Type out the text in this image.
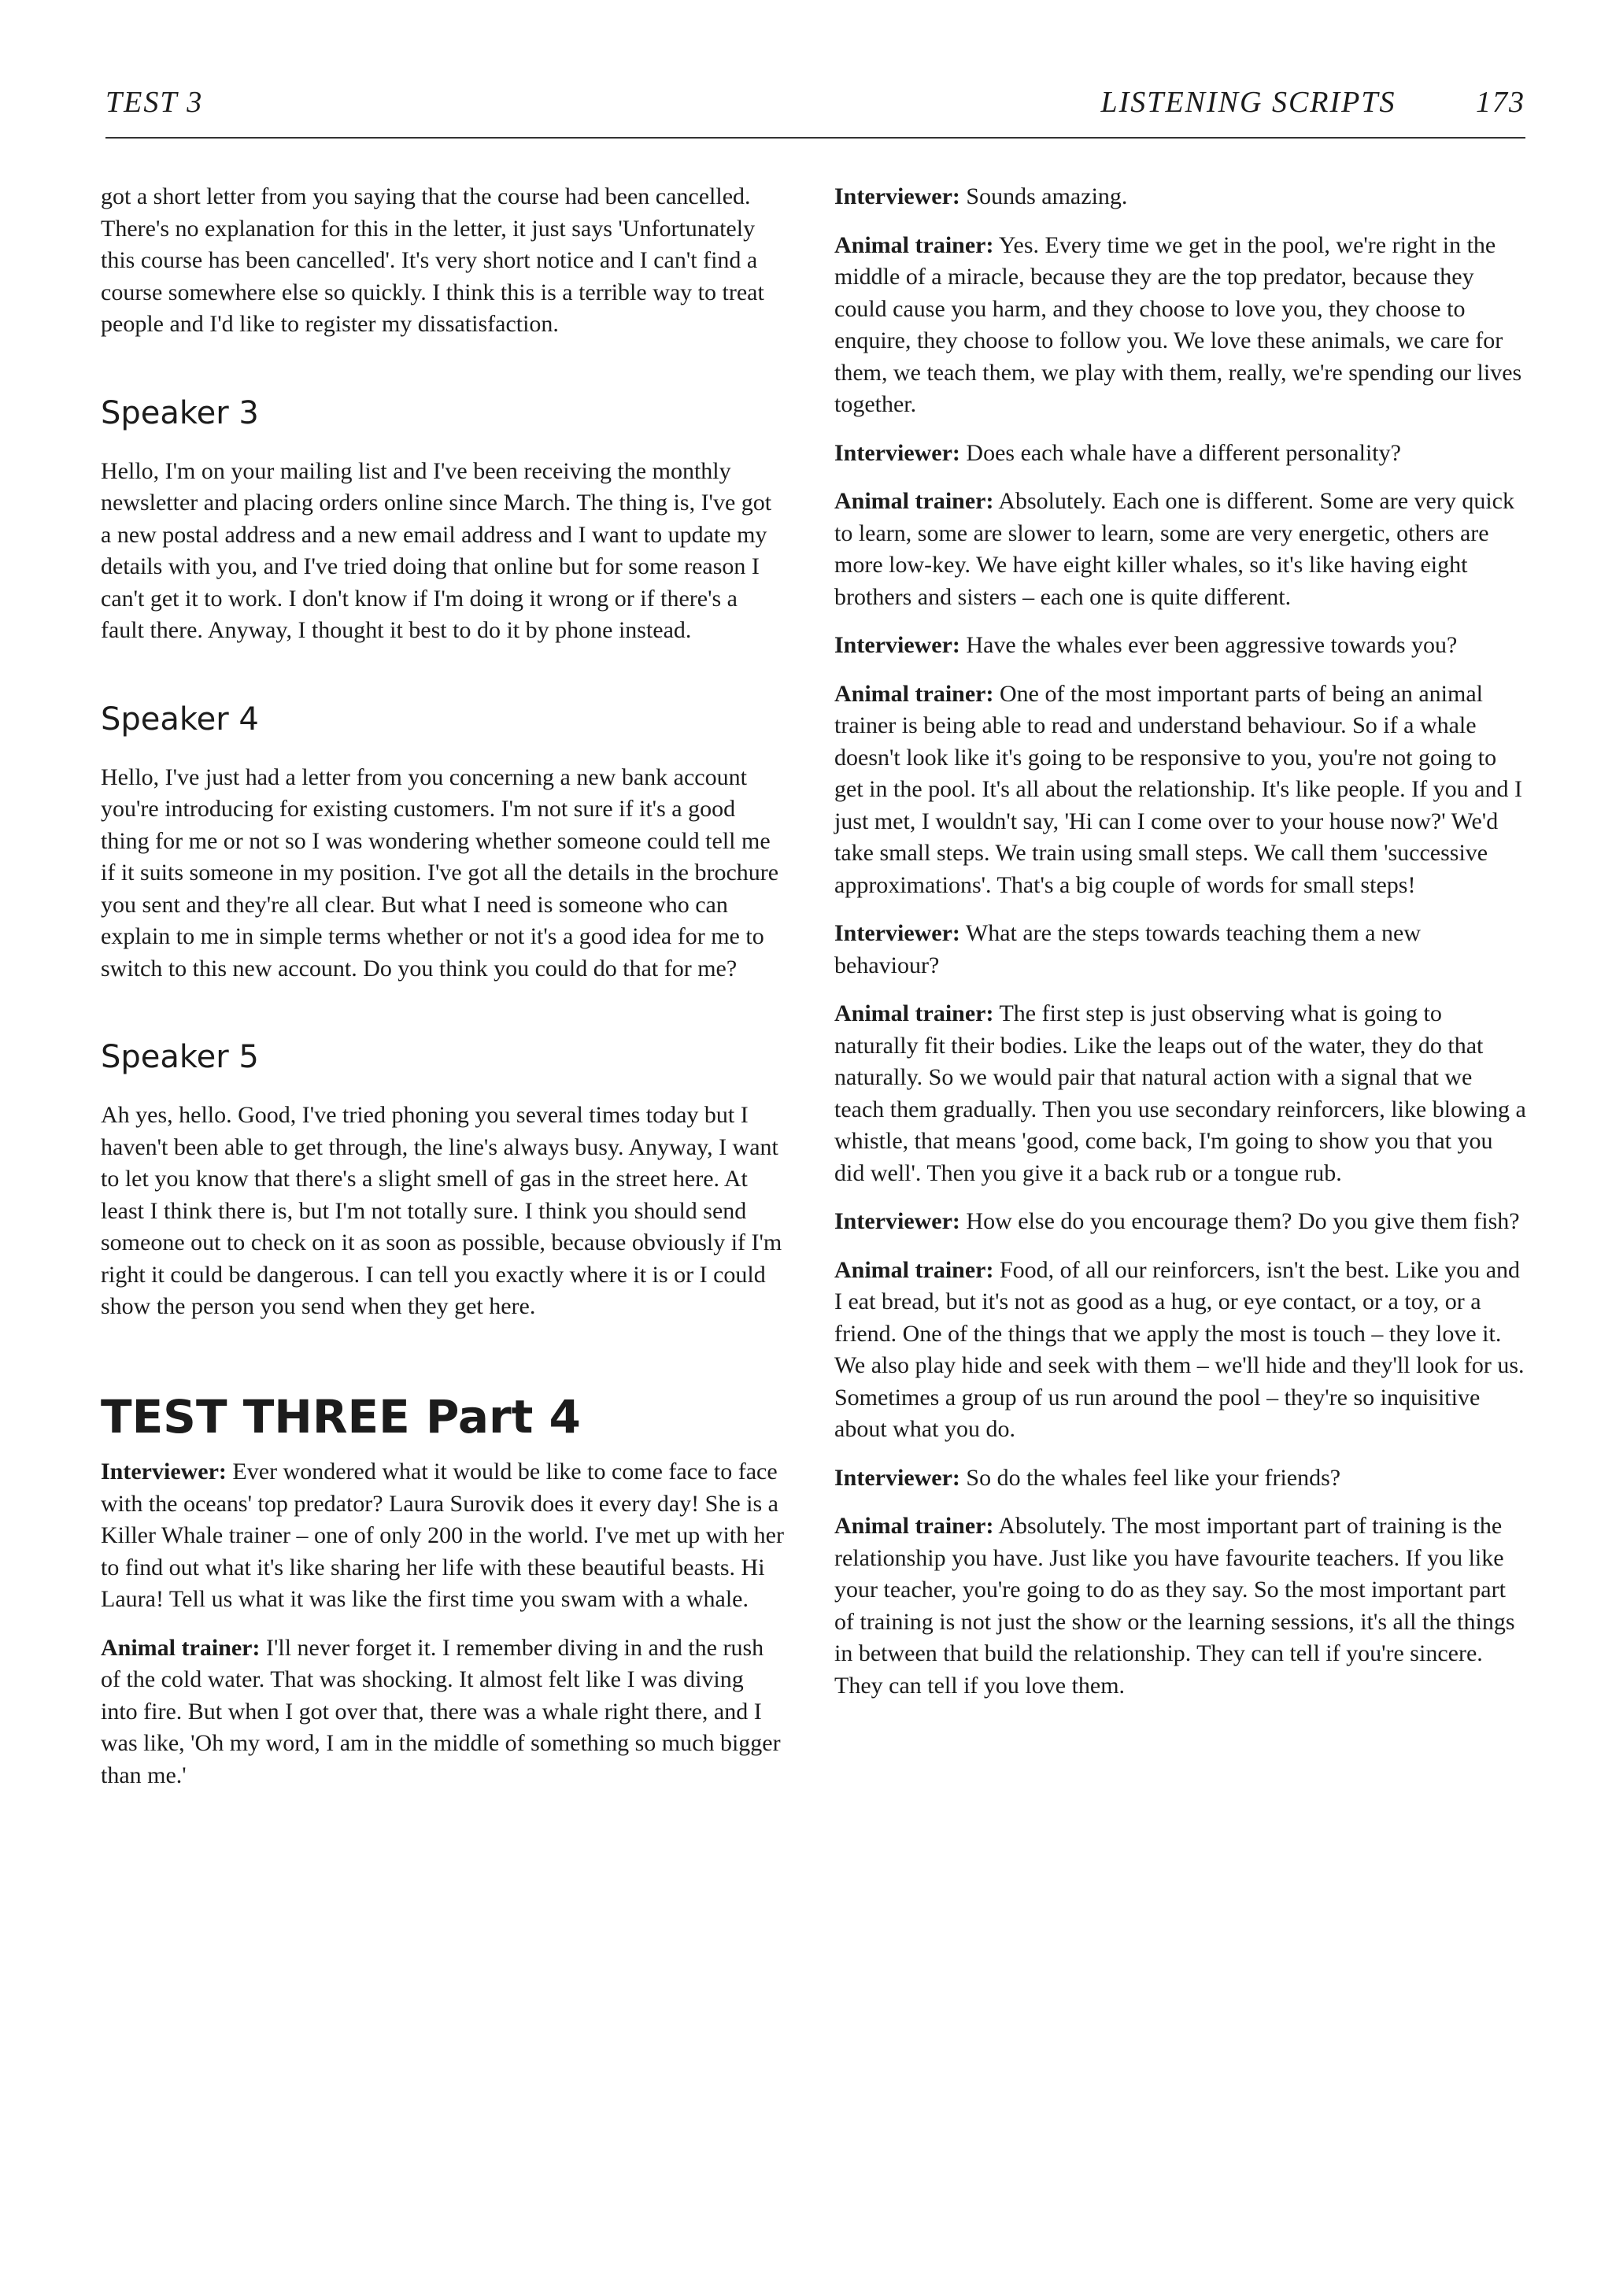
TEST 3	LISTENING SCRIPTS	173

got a short letter from you saying that the course had been cancelled. There's no explanation for this in the letter, it just says 'Unfortunately this course has been cancelled'. It's very short notice and I can't find a course somewhere else so quickly. I think this is a terrible way to treat people and I'd like to register my dissatisfaction.

Speaker 3

Hello, I'm on your mailing list and I've been receiving the monthly newsletter and placing orders online since March. The thing is, I've got a new postal address and a new email address and I want to update my details with you, and I've tried doing that online but for some reason I can't get it to work. I don't know if I'm doing it wrong or if there's a fault there. Anyway, I thought it best to do it by phone instead.

Speaker 4

Hello, I've just had a letter from you concerning a new bank account you're introducing for existing customers. I'm not sure if it's a good thing for me or not so I was wondering whether someone could tell me if it suits someone in my position. I've got all the details in the brochure you sent and they're all clear. But what I need is someone who can explain to me in simple terms whether or not it's a good idea for me to switch to this new account. Do you think you could do that for me?

Speaker 5

Ah yes, hello. Good, I've tried phoning you several times today but I haven't been able to get through, the line's always busy. Anyway, I want to let you know that there's a slight smell of gas in the street here. At least I think there is, but I'm not totally sure. I think you should send someone out to check on it as soon as possible, because obviously if I'm right it could be dangerous. I can tell you exactly where it is or I could show the person you send when they get here.

TEST THREE Part 4

Interviewer: Ever wondered what it would be like to come face to face with the oceans' top predator? Laura Surovik does it every day! She is a Killer Whale trainer – one of only 200 in the world. I've met up with her to find out what it's like sharing her life with these beautiful beasts. Hi Laura! Tell us what it was like the first time you swam with a whale.

Animal trainer: I'll never forget it. I remember diving in and the rush of the cold water. That was shocking. It almost felt like I was diving into fire. But when I got over that, there was a whale right there, and I was like, 'Oh my word, I am in the middle of something so much bigger than me.'

Interviewer: Sounds amazing.

Animal trainer: Yes. Every time we get in the pool, we're right in the middle of a miracle, because they are the top predator, because they could cause you harm, and they choose to love you, they choose to enquire, they choose to follow you. We love these animals, we care for them, we teach them, we play with them, really, we're spending our lives together.

Interviewer: Does each whale have a different personality?

Animal trainer: Absolutely. Each one is different. Some are very quick to learn, some are slower to learn, some are very energetic, others are more low-key. We have eight killer whales, so it's like having eight brothers and sisters – each one is quite different.

Interviewer: Have the whales ever been aggressive towards you?

Animal trainer: One of the most important parts of being an animal trainer is being able to read and understand behaviour. So if a whale doesn't look like it's going to be responsive to you, you're not going to get in the pool. It's all about the relationship. It's like people. If you and I just met, I wouldn't say, 'Hi can I come over to your house now?' We'd take small steps. We train using small steps. We call them 'successive approximations'. That's a big couple of words for small steps!

Interviewer: What are the steps towards teaching them a new behaviour?

Animal trainer: The first step is just observing what is going to naturally fit their bodies. Like the leaps out of the water, they do that naturally. So we would pair that natural action with a signal that we teach them gradually. Then you use secondary reinforcers, like blowing a whistle, that means 'good, come back, I'm going to show you that you did well'. Then you give it a back rub or a tongue rub.

Interviewer: How else do you encourage them? Do you give them fish?

Animal trainer: Food, of all our reinforcers, isn't the best. Like you and I eat bread, but it's not as good as a hug, or eye contact, or a toy, or a friend. One of the things that we apply the most is touch – they love it. We also play hide and seek with them – we'll hide and they'll look for us. Sometimes a group of us run around the pool – they're so inquisitive about what you do.

Interviewer: So do the whales feel like your friends?

Animal trainer: Absolutely. The most important part of training is the relationship you have. Just like you have favourite teachers. If you like your teacher, you're going to do as they say. So the most important part of training is not just the show or the learning sessions, it's all the things in between that build the relationship. They can tell if you're sincere. They can tell if you love them.
